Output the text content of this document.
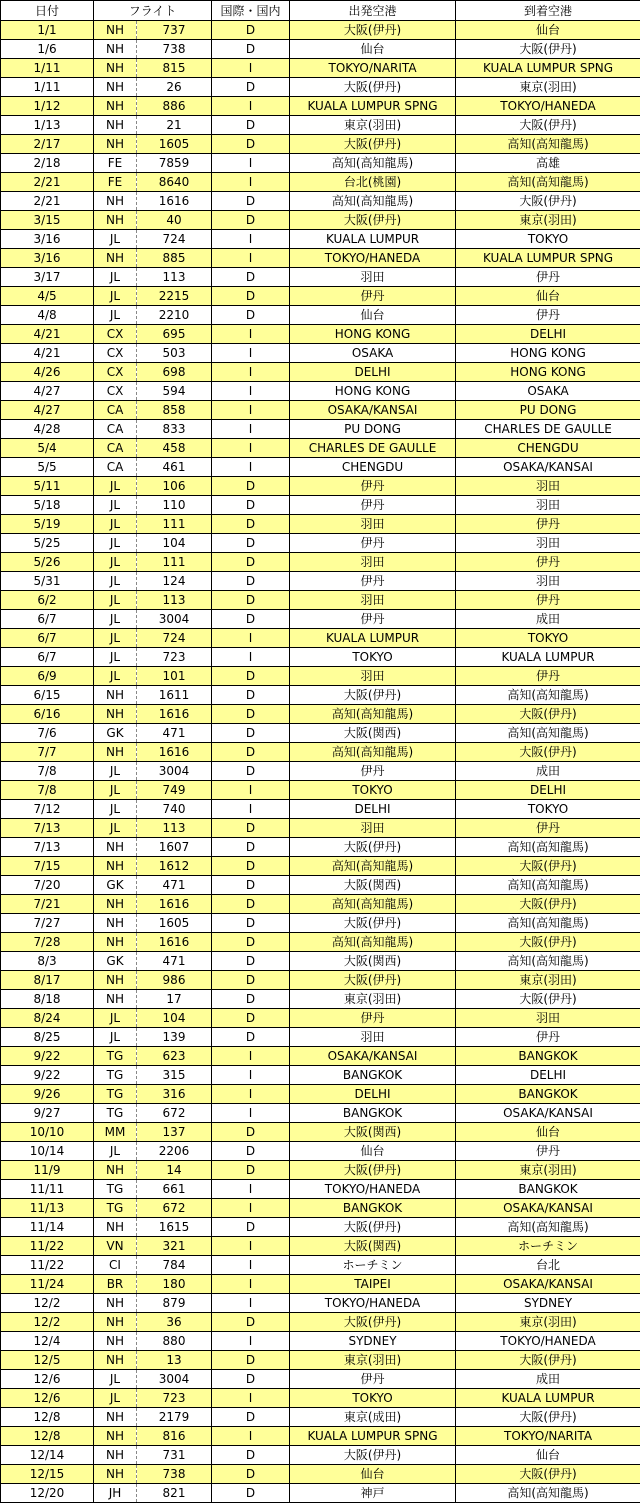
日付	フライト		国際・国内	出発空港	到着空港
1/1	NH	737	D	大阪(伊丹)	仙台
1/6	NH	738	D	仙台	大阪(伊丹)
1/11	NH	815	I	TOKYO/NARITA	KUALA LUMPUR SPNG
1/11	NH	26	D	大阪(伊丹)	東京(羽田)
1/12	NH	886	I	KUALA LUMPUR SPNG	TOKYO/HANEDA
1/13	NH	21	D	東京(羽田)	大阪(伊丹)
2/17	NH	1605	D	大阪(伊丹)	高知(高知龍馬)
2/18	FE	7859	I	高知(高知龍馬)	高雄
2/21	FE	8640	I	台北(桃園)	高知(高知龍馬)
2/21	NH	1616	D	高知(高知龍馬)	大阪(伊丹)
3/15	NH	40	D	大阪(伊丹)	東京(羽田)
3/16	JL	724	I	KUALA LUMPUR	TOKYO
3/16	NH	885	I	TOKYO/HANEDA	KUALA LUMPUR SPNG
3/17	JL	113	D	羽田	伊丹
4/5	JL	2215	D	伊丹	仙台
4/8	JL	2210	D	仙台	伊丹
4/21	CX	695	I	HONG KONG	DELHI
4/21	CX	503	I	OSAKA	HONG KONG
4/26	CX	698	I	DELHI	HONG KONG
4/27	CX	594	I	HONG KONG	OSAKA
4/27	CA	858	I	OSAKA/KANSAI	PU DONG
4/28	CA	833	I	PU DONG	CHARLES DE GAULLE
5/4	CA	458	I	CHARLES DE GAULLE	CHENGDU
5/5	CA	461	I	CHENGDU	OSAKA/KANSAI
5/11	JL	106	D	伊丹	羽田
5/18	JL	110	D	伊丹	羽田
5/19	JL	111	D	羽田	伊丹
5/25	JL	104	D	伊丹	羽田
5/26	JL	111	D	羽田	伊丹
5/31	JL	124	D	伊丹	羽田
6/2	JL	113	D	羽田	伊丹
6/7	JL	3004	D	伊丹	成田
6/7	JL	724	I	KUALA LUMPUR	TOKYO
6/7	JL	723	I	TOKYO	KUALA LUMPUR
6/9	JL	101	D	羽田	伊丹
6/15	NH	1611	D	大阪(伊丹)	高知(高知龍馬)
6/16	NH	1616	D	高知(高知龍馬)	大阪(伊丹)
7/6	GK	471	D	大阪(関西)	高知(高知龍馬)
7/7	NH	1616	D	高知(高知龍馬)	大阪(伊丹)
7/8	JL	3004	D	伊丹	成田
7/8	JL	749	I	TOKYO	DELHI
7/12	JL	740	I	DELHI	TOKYO
7/13	JL	113	D	羽田	伊丹
7/13	NH	1607	D	大阪(伊丹)	高知(高知龍馬)
7/15	NH	1612	D	高知(高知龍馬)	大阪(伊丹)
7/20	GK	471	D	大阪(関西)	高知(高知龍馬)
7/21	NH	1616	D	高知(高知龍馬)	大阪(伊丹)
7/27	NH	1605	D	大阪(伊丹)	高知(高知龍馬)
7/28	NH	1616	D	高知(高知龍馬)	大阪(伊丹)
8/3	GK	471	D	大阪(関西)	高知(高知龍馬)
8/17	NH	986	D	大阪(伊丹)	東京(羽田)
8/18	NH	17	D	東京(羽田)	大阪(伊丹)
8/24	JL	104	D	伊丹	羽田
8/25	JL	139	D	羽田	伊丹
9/22	TG	623	I	OSAKA/KANSAI	BANGKOK
9/22	TG	315	I	BANGKOK	DELHI
9/26	TG	316	I	DELHI	BANGKOK
9/27	TG	672	I	BANGKOK	OSAKA/KANSAI
10/10	MM	137	D	大阪(関西)	仙台
10/14	JL	2206	D	仙台	伊丹
11/9	NH	14	D	大阪(伊丹)	東京(羽田)
11/11	TG	661	I	TOKYO/HANEDA	BANGKOK
11/13	TG	672	I	BANGKOK	OSAKA/KANSAI
11/14	NH	1615	D	大阪(伊丹)	高知(高知龍馬)
11/22	VN	321	I	大阪(関西)	ホーチミン
11/22	CI	784	I	ホーチミン	台北
11/24	BR	180	I	TAIPEI	OSAKA/KANSAI
12/2	NH	879	I	TOKYO/HANEDA	SYDNEY
12/2	NH	36	D	大阪(伊丹)	東京(羽田)
12/4	NH	880	I	SYDNEY	TOKYO/HANEDA
12/5	NH	13	D	東京(羽田)	大阪(伊丹)
12/6	JL	3004	D	伊丹	成田
12/6	JL	723	I	TOKYO	KUALA LUMPUR
12/8	NH	2179	D	東京(成田)	大阪(伊丹)
12/8	NH	816	I	KUALA LUMPUR SPNG	TOKYO/NARITA
12/14	NH	731	D	大阪(伊丹)	仙台
12/15	NH	738	D	仙台	大阪(伊丹)
12/20	JH	821	D	神戸	高知(高知龍馬)
